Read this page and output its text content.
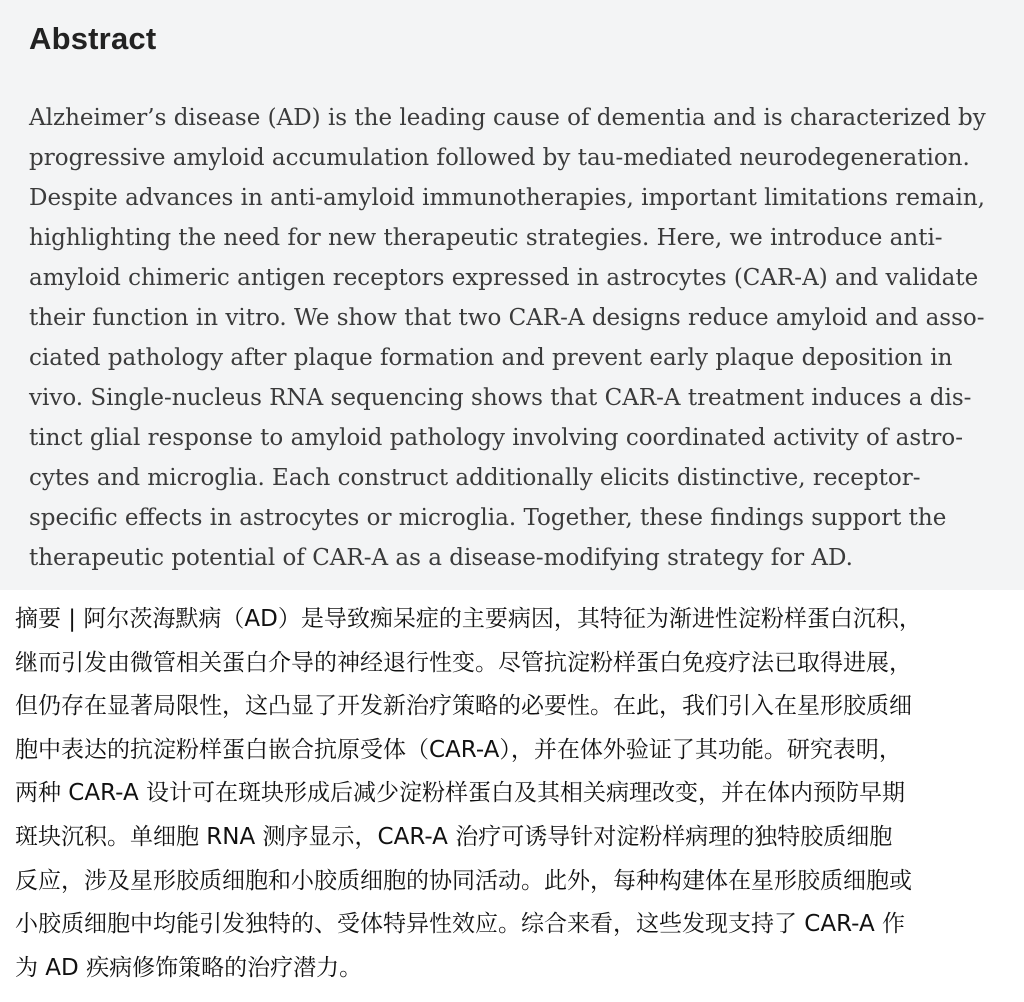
Abstract

Alzheimer’s disease (AD) is the leading cause of dementia and is characterized by
progressive amyloid accumulation followed by tau-mediated neurodegeneration.
Despite advances in anti-amyloid immunotherapies, important limitations remain,
highlighting the need for new therapeutic strategies. Here, we introduce anti-
amyloid chimeric antigen receptors expressed in astrocytes (CAR-A) and validate
their function in vitro. We show that two CAR-A designs reduce amyloid and asso-
ciated pathology after plaque formation and prevent early plaque deposition in
vivo. Single-nucleus RNA sequencing shows that CAR-A treatment induces a dis-
tinct glial response to amyloid pathology involving coordinated activity of astro-
cytes and microglia. Each construct additionally elicits distinctive, receptor-
specific effects in astrocytes or microglia. Together, these findings support the
therapeutic potential of CAR-A as a disease-modifying strategy for AD.

摘要 | 阿尔茨海默病（AD）是导致痴呆症的主要病因，其特征为渐进性淀粉样蛋白沉积，
继而引发由微管相关蛋白介导的神经退行性变。尽管抗淀粉样蛋白免疫疗法已取得进展，
但仍存在显著局限性，这凸显了开发新治疗策略的必要性。在此，我们引入在星形胶质细
胞中表达的抗淀粉样蛋白嵌合抗原受体（CAR-A），并在体外验证了其功能。研究表明，
两种 CAR-A 设计可在斑块形成后减少淀粉样蛋白及其相关病理改变，并在体内预防早期
斑块沉积。单细胞 RNA 测序显示，CAR-A 治疗可诱导针对淀粉样病理的独特胶质细胞
反应，涉及星形胶质细胞和小胶质细胞的协同活动。此外，每种构建体在星形胶质细胞或
小胶质细胞中均能引发独特的、受体特异性效应。综合来看，这些发现支持了 CAR-A 作
为 AD 疾病修饰策略的治疗潜力。
